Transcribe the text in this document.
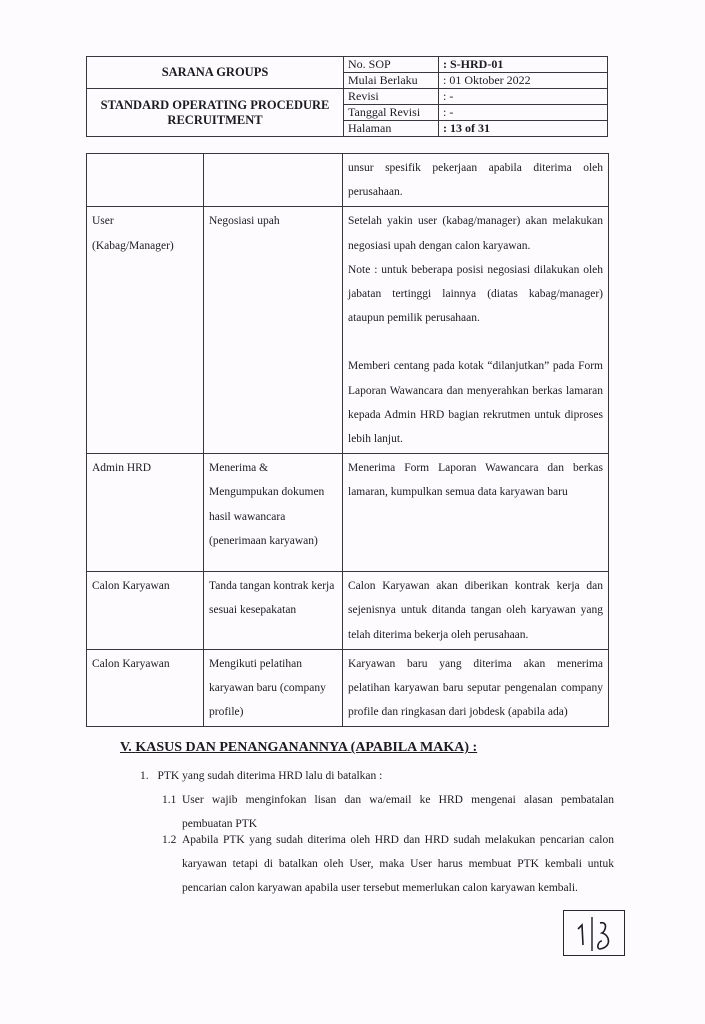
SARANA GROUPS	No. SOP	: S-HRD-01
	Mulai Berlaku	: 01 Oktober 2022

STANDARD OPERATING PROCEDURE
RECRUITMENT	Revisi	: -
	Tanggal Revisi	: -
	Halaman	: 13 of 31
		unsur spesifik pekerjaan apabila diterima oleh perusahaan.
User (Kabag/Manager)	Negosiasi upah	Setelah yakin user (kabag/manager) akan melakukan negosiasi upah dengan calon karyawan.
Note : untuk beberapa posisi negosiasi dilakukan oleh jabatan tertinggi lainnya (diatas kabag/manager) ataupun pemilik perusahaan.
Memberi centang pada kotak “dilanjutkan” pada Form Laporan Wawancara dan menyerahkan berkas lamaran kepada Admin HRD bagian rekrutmen untuk diproses lebih lanjut.

Admin HRD	Menerima & Mengumpukan dokumen hasil wawancara (penerimaan karyawan)	Menerima Form Laporan Wawancara dan berkas lamaran, kumpulkan semua data karyawan baru
Calon Karyawan	Tanda tangan kontrak kerja sesuai kesepakatan	Calon Karyawan akan diberikan kontrak kerja dan sejenisnya untuk ditanda tangan oleh karyawan yang telah diterima bekerja oleh perusahaan.
Calon Karyawan	Mengikuti pelatihan karyawan baru (company profile)	Karyawan baru yang diterima akan menerima pelatihan karyawan baru seputar pengenalan company profile dan ringkasan dari jobdesk (apabila ada)
V. KASUS DAN PENANGANANNYA (APABILA MAKA) :
1. PTK yang sudah diterima HRD lalu di batalkan :
1.1 User wajib menginfokan lisan dan wa/email ke HRD mengenai alasan pembatalan pembuatan PTK
1.2 Apabila PTK yang sudah diterima oleh HRD dan HRD sudah melakukan pencarian calon karyawan tetapi di batalkan oleh User, maka User harus membuat PTK kembali untuk pencarian calon karyawan apabila user tersebut memerlukan calon karyawan kembali.
